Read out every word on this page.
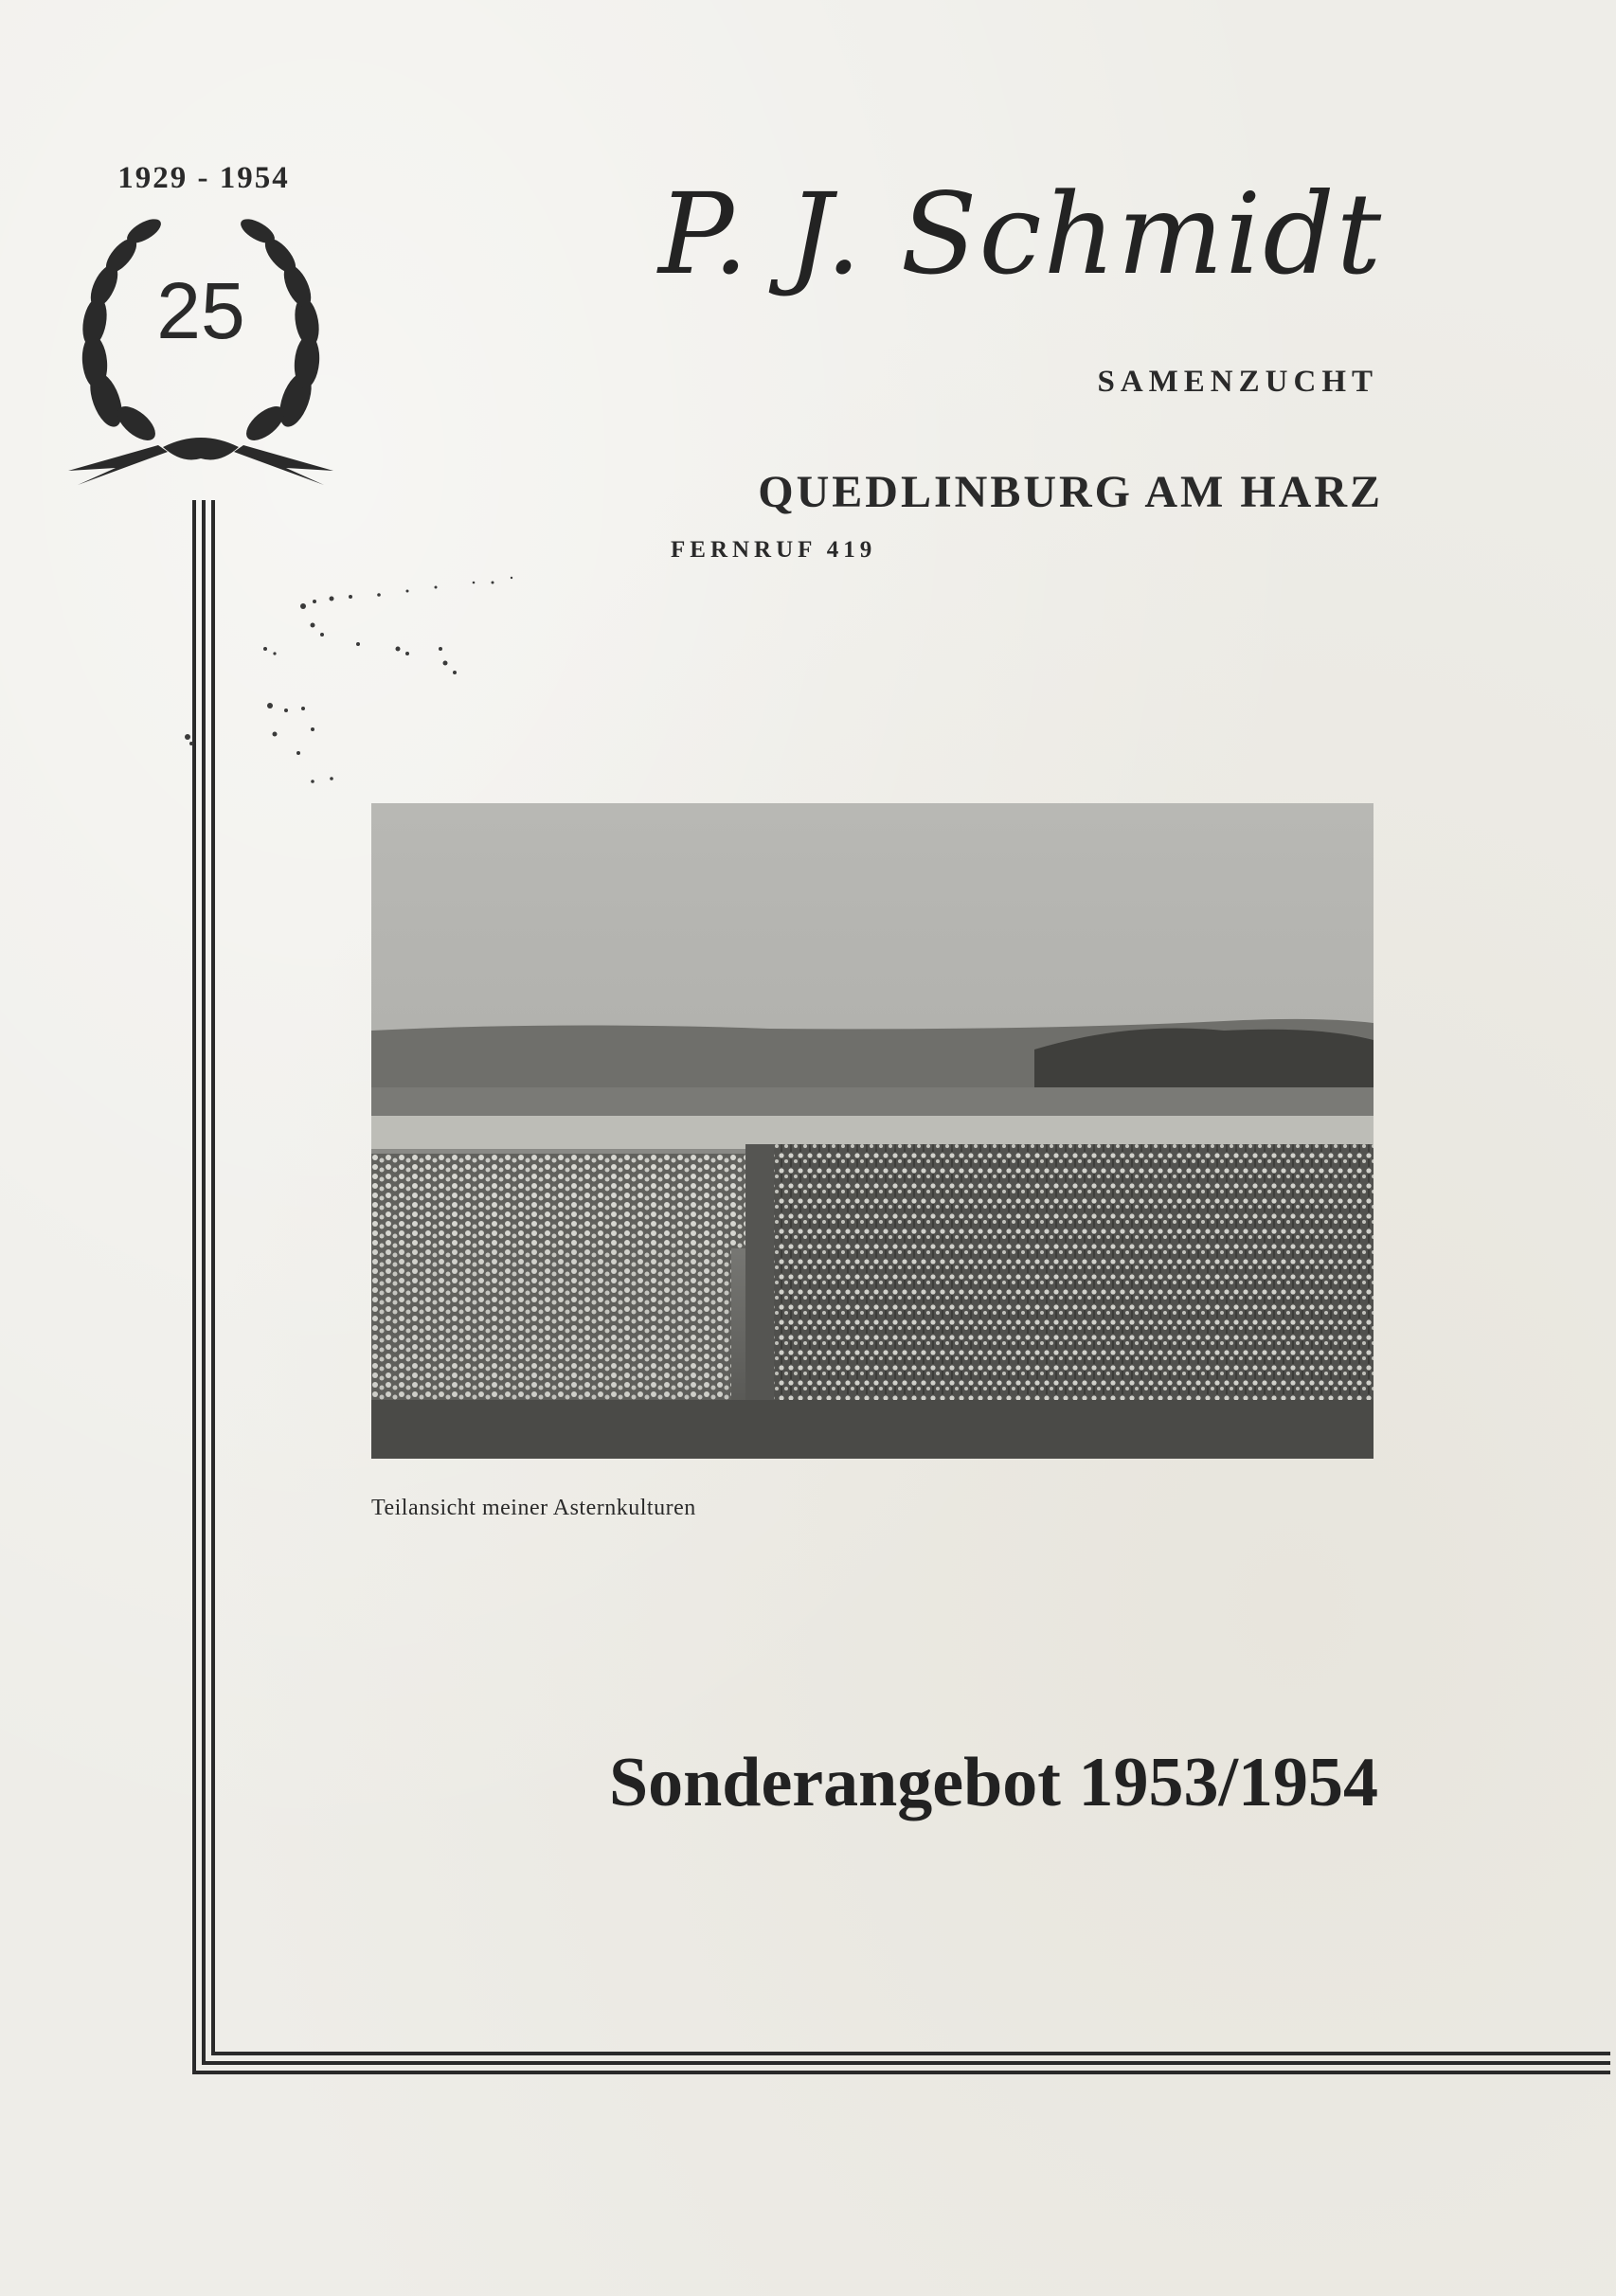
1929 - 1954
25
P. J. Schmidt
SAMENZUCHT
QUEDLINBURG AM HARZ
FERNRUF 419
Teilansicht meiner Asternkulturen
Sonderangebot 1953/1954
